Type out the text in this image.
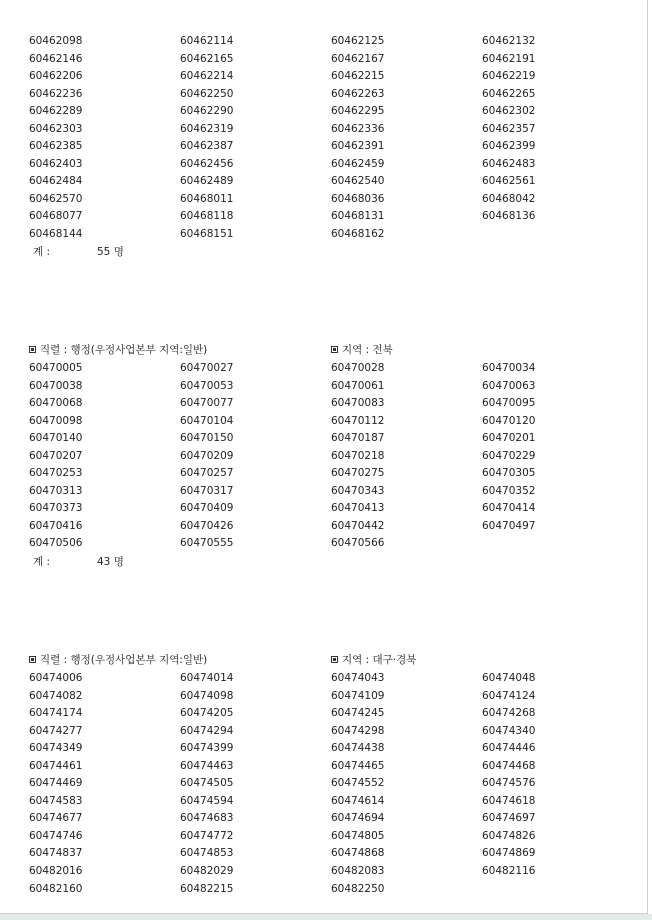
60462098	60462114	60462125	60462132
60462146	60462165	60462167	60462191
60462206	60462214	60462215	60462219
60462236	60462250	60462263	60462265
60462289	60462290	60462295	60462302
60462303	60462319	60462336	60462357
60462385	60462387	60462391	60462399
60462403	60462456	60462459	60462483
60462484	60462489	60462540	60462561
60462570	60468011	60468036	60468042
60468077	60468118	60468131	60468136
60468144	60468151	60468162
계 :	55 명
직렬 : 행정(우정사업본부 지역:일반)	지역 : 전북
60470005	60470027	60470028	60470034
60470038	60470053	60470061	60470063
60470068	60470077	60470083	60470095
60470098	60470104	60470112	60470120
60470140	60470150	60470187	60470201
60470207	60470209	60470218	60470229
60470253	60470257	60470275	60470305
60470313	60470317	60470343	60470352
60470373	60470409	60470413	60470414
60470416	60470426	60470442	60470497
60470506	60470555	60470566
계 :	43 명
직렬 : 행정(우정사업본부 지역:일반)	지역 : 대구·경북
60474006	60474014	60474043	60474048
60474082	60474098	60474109	60474124
60474174	60474205	60474245	60474268
60474277	60474294	60474298	60474340
60474349	60474399	60474438	60474446
60474461	60474463	60474465	60474468
60474469	60474505	60474552	60474576
60474583	60474594	60474614	60474618
60474677	60474683	60474694	60474697
60474746	60474772	60474805	60474826
60474837	60474853	60474868	60474869
60482016	60482029	60482083	60482116
60482160	60482215	60482250
